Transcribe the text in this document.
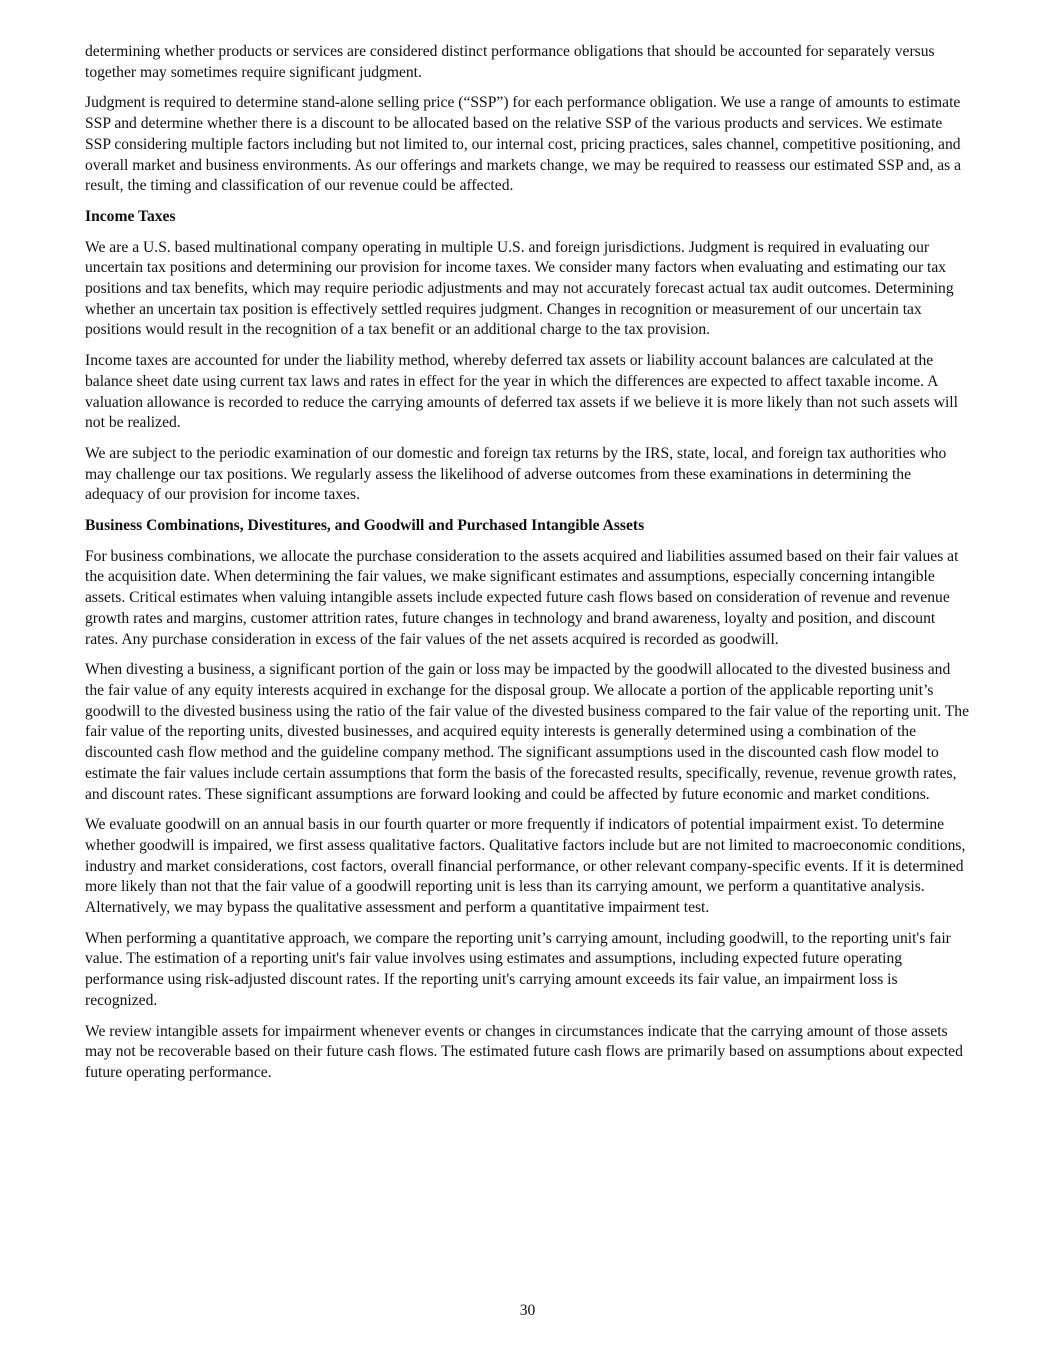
determining whether products or services are considered distinct performance obligations that should be accounted for separately versus together may sometimes require significant judgment.

Judgment is required to determine stand-alone selling price (“SSP”) for each performance obligation. We use a range of amounts to estimate SSP and determine whether there is a discount to be allocated based on the relative SSP of the various products and services. We estimate SSP considering multiple factors including but not limited to, our internal cost, pricing practices, sales channel, competitive positioning, and overall market and business environments. As our offerings and markets change, we may be required to reassess our estimated SSP and, as a result, the timing and classification of our revenue could be affected.

Income Taxes

We are a U.S. based multinational company operating in multiple U.S. and foreign jurisdictions. Judgment is required in evaluating our uncertain tax positions and determining our provision for income taxes. We consider many factors when evaluating and estimating our tax positions and tax benefits, which may require periodic adjustments and may not accurately forecast actual tax audit outcomes. Determining whether an uncertain tax position is effectively settled requires judgment. Changes in recognition or measurement of our uncertain tax positions would result in the recognition of a tax benefit or an additional charge to the tax provision.

Income taxes are accounted for under the liability method, whereby deferred tax assets or liability account balances are calculated at the balance sheet date using current tax laws and rates in effect for the year in which the differences are expected to affect taxable income. A valuation allowance is recorded to reduce the carrying amounts of deferred tax assets if we believe it is more likely than not such assets will not be realized.

We are subject to the periodic examination of our domestic and foreign tax returns by the IRS, state, local, and foreign tax authorities who may challenge our tax positions. We regularly assess the likelihood of adverse outcomes from these examinations in determining the adequacy of our provision for income taxes.

Business Combinations, Divestitures, and Goodwill and Purchased Intangible Assets

For business combinations, we allocate the purchase consideration to the assets acquired and liabilities assumed based on their fair values at the acquisition date. When determining the fair values, we make significant estimates and assumptions, especially concerning intangible assets. Critical estimates when valuing intangible assets include expected future cash flows based on consideration of revenue and revenue growth rates and margins, customer attrition rates, future changes in technology and brand awareness, loyalty and position, and discount rates. Any purchase consideration in excess of the fair values of the net assets acquired is recorded as goodwill.

When divesting a business, a significant portion of the gain or loss may be impacted by the goodwill allocated to the divested business and the fair value of any equity interests acquired in exchange for the disposal group. We allocate a portion of the applicable reporting unit’s goodwill to the divested business using the ratio of the fair value of the divested business compared to the fair value of the reporting unit. The fair value of the reporting units, divested businesses, and acquired equity interests is generally determined using a combination of the discounted cash flow method and the guideline company method. The significant assumptions used in the discounted cash flow model to estimate the fair values include certain assumptions that form the basis of the forecasted results, specifically, revenue, revenue growth rates, and discount rates. These significant assumptions are forward looking and could be affected by future economic and market conditions.

We evaluate goodwill on an annual basis in our fourth quarter or more frequently if indicators of potential impairment exist. To determine whether goodwill is impaired, we first assess qualitative factors. Qualitative factors include but are not limited to macroeconomic conditions, industry and market considerations, cost factors, overall financial performance, or other relevant company-specific events. If it is determined more likely than not that the fair value of a goodwill reporting unit is less than its carrying amount, we perform a quantitative analysis. Alternatively, we may bypass the qualitative assessment and perform a quantitative impairment test.

When performing a quantitative approach, we compare the reporting unit’s carrying amount, including goodwill, to the reporting unit's fair value. The estimation of a reporting unit's fair value involves using estimates and assumptions, including expected future operating performance using risk-adjusted discount rates. If the reporting unit's carrying amount exceeds its fair value, an impairment loss is recognized.

We review intangible assets for impairment whenever events or changes in circumstances indicate that the carrying amount of those assets may not be recoverable based on their future cash flows. The estimated future cash flows are primarily based on assumptions about expected future operating performance.

30
